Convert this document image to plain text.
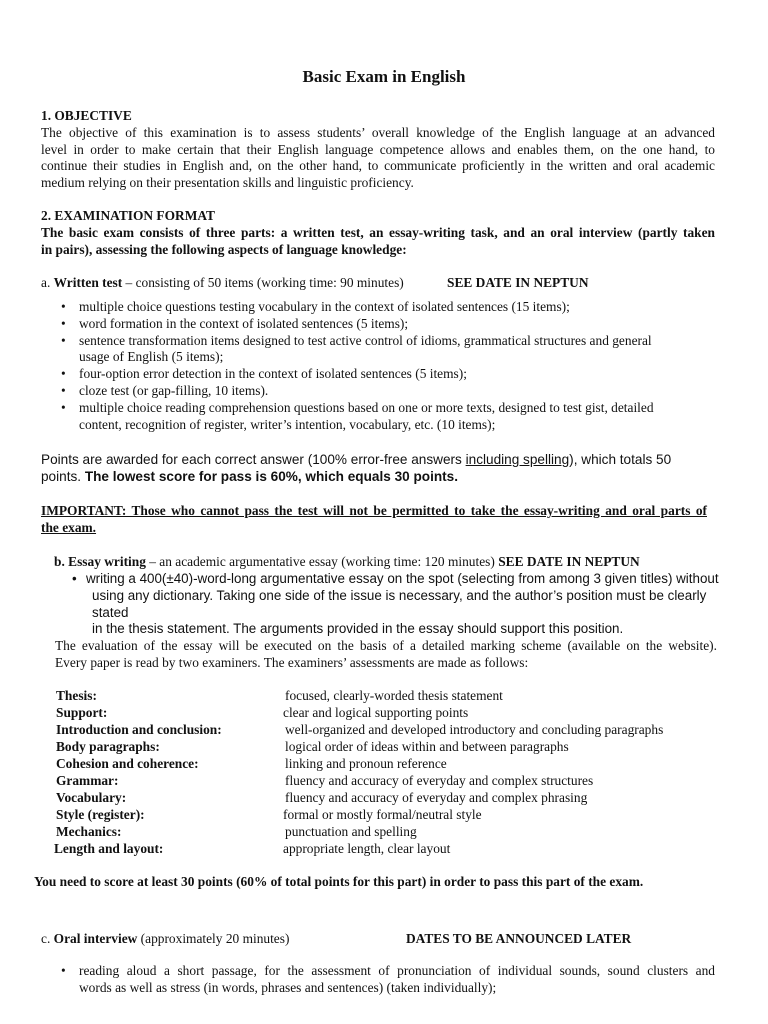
Basic Exam in English
1. OBJECTIVE
The objective of this examination is to assess students’ overall knowledge of the English language at an advanced
level in order to make certain that their English language competence allows and enables them, on the one hand, to
continue their studies in English and, on the other hand, to communicate proficiently in the written and oral academic
medium relying on their presentation skills and linguistic proficiency.
2. EXAMINATION FORMAT
The basic exam consists of three parts: a written test, an essay-writing task, and an oral interview (partly taken
in pairs), assessing the following aspects of language knowledge:
a. Written test – consisting of 50 items (working time: 90 minutes)	SEE DATE IN NEPTUN
• multiple choice questions testing vocabulary in the context of isolated sentences (15 items);
• word formation in the context of isolated sentences (5 items);
• sentence transformation items designed to test active control of idioms, grammatical structures and general
usage of English (5 items);
• four-option error detection in the context of isolated sentences (5 items);
• cloze test (or gap-filling, 10 items).
• multiple choice reading comprehension questions based on one or more texts, designed to test gist, detailed
content, recognition of register, writer’s intention, vocabulary, etc. (10 items);
Points are awarded for each correct answer (100% error-free answers including spelling), which totals 50
points. The lowest score for pass is 60%, which equals 30 points.
IMPORTANT: Those who cannot pass the test will not be permitted to take the essay-writing and oral parts of
the exam.
b. Essay writing – an academic argumentative essay (working time: 120 minutes) SEE DATE IN NEPTUN
• writing a 400(±40)-word-long argumentative essay on the spot (selecting from among 3 given titles) without
using any dictionary. Taking one side of the issue is necessary, and the author’s position must be clearly stated
in the thesis statement. The arguments provided in the essay should support this position.
The evaluation of the essay will be executed on the basis of a detailed marking scheme (available on the website).
Every paper is read by two examiners. The examiners’ assessments are made as follows:
Thesis:	focused, clearly-worded thesis statement
Support:	clear and logical supporting points
Introduction and conclusion:	well-organized and developed introductory and concluding paragraphs
Body paragraphs:	logical order of ideas within and between paragraphs
Cohesion and coherence:	linking and pronoun reference
Grammar:	fluency and accuracy of everyday and complex structures
Vocabulary:	fluency and accuracy of everyday and complex phrasing
Style (register):	formal or mostly formal/neutral style
Mechanics:	punctuation and spelling
Length and layout:	appropriate length, clear layout
You need to score at least 30 points (60% of total points for this part) in order to pass this part of the exam.
c. Oral interview (approximately 20 minutes)	DATES TO BE ANNOUNCED LATER
• reading aloud a short passage, for the assessment of pronunciation of individual sounds, sound clusters and
words as well as stress (in words, phrases and sentences) (taken individually);
